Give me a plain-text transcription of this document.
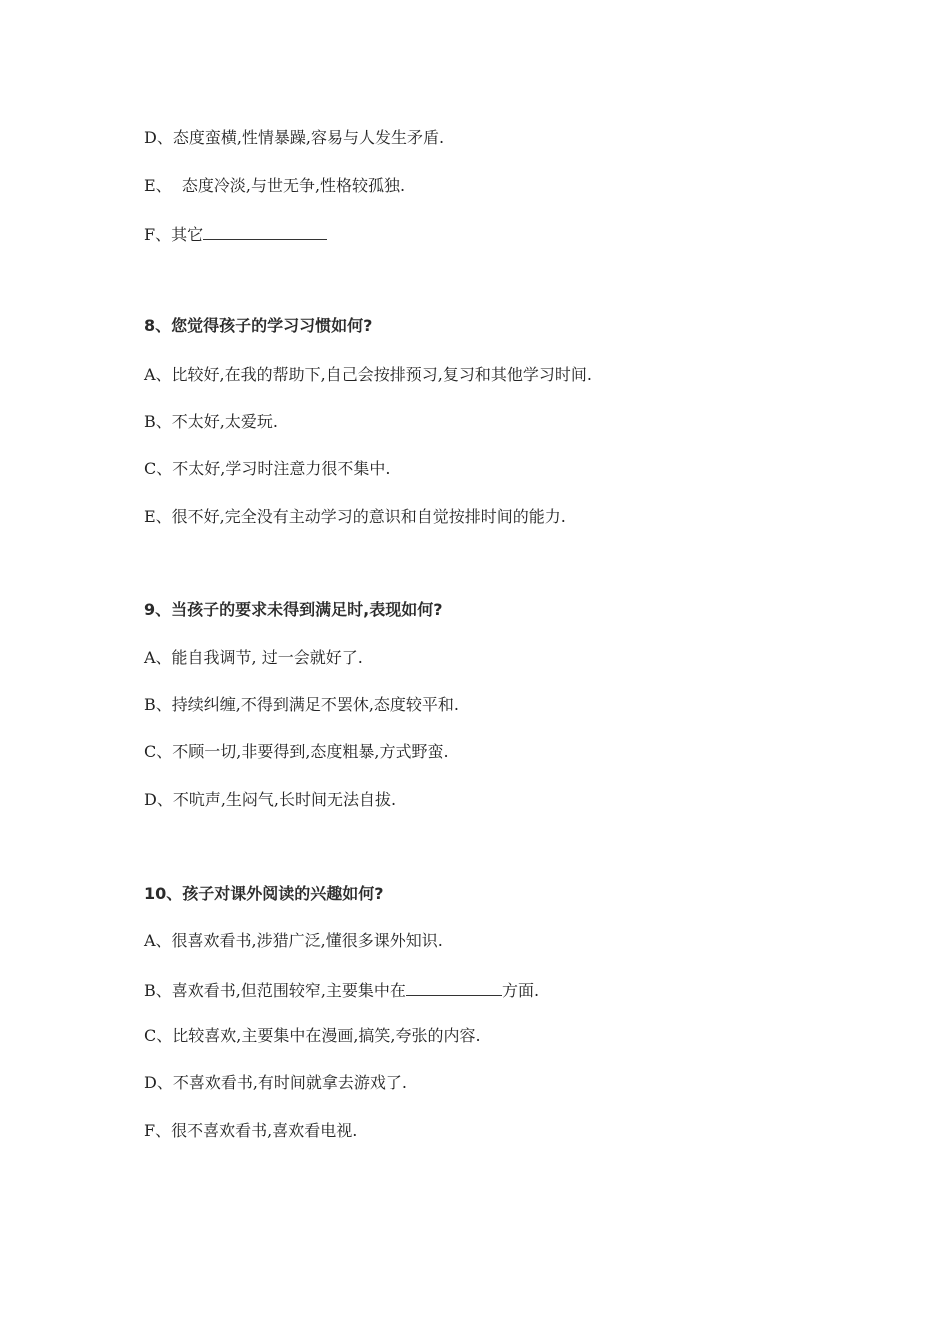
D、态度蛮横,性情暴躁,容易与人发生矛盾.

E、  态度冷淡,与世无争,性格较孤独.

F、其它

8、您觉得孩子的学习习惯如何?

A、比较好,在我的帮助下,自己会按排预习,复习和其他学习时间.

B、不太好,太爱玩.

C、不太好,学习时注意力很不集中.

E、很不好,完全没有主动学习的意识和自觉按排时间的能力.

9、当孩子的要求未得到满足时,表现如何?

A、能自我调节, 过一会就好了.

B、持续纠缠,不得到满足不罢休,态度较平和.

C、不顾一切,非要得到,态度粗暴,方式野蛮.

D、不吭声,生闷气,长时间无法自拔.

10、孩子对课外阅读的兴趣如何?

A、很喜欢看书,涉猎广泛,懂很多课外知识.

B、喜欢看书,但范围较窄,主要集中在	方面.

C、比较喜欢,主要集中在漫画,搞笑,夸张的内容.

D、不喜欢看书,有时间就拿去游戏了.

F、很不喜欢看书,喜欢看电视.
